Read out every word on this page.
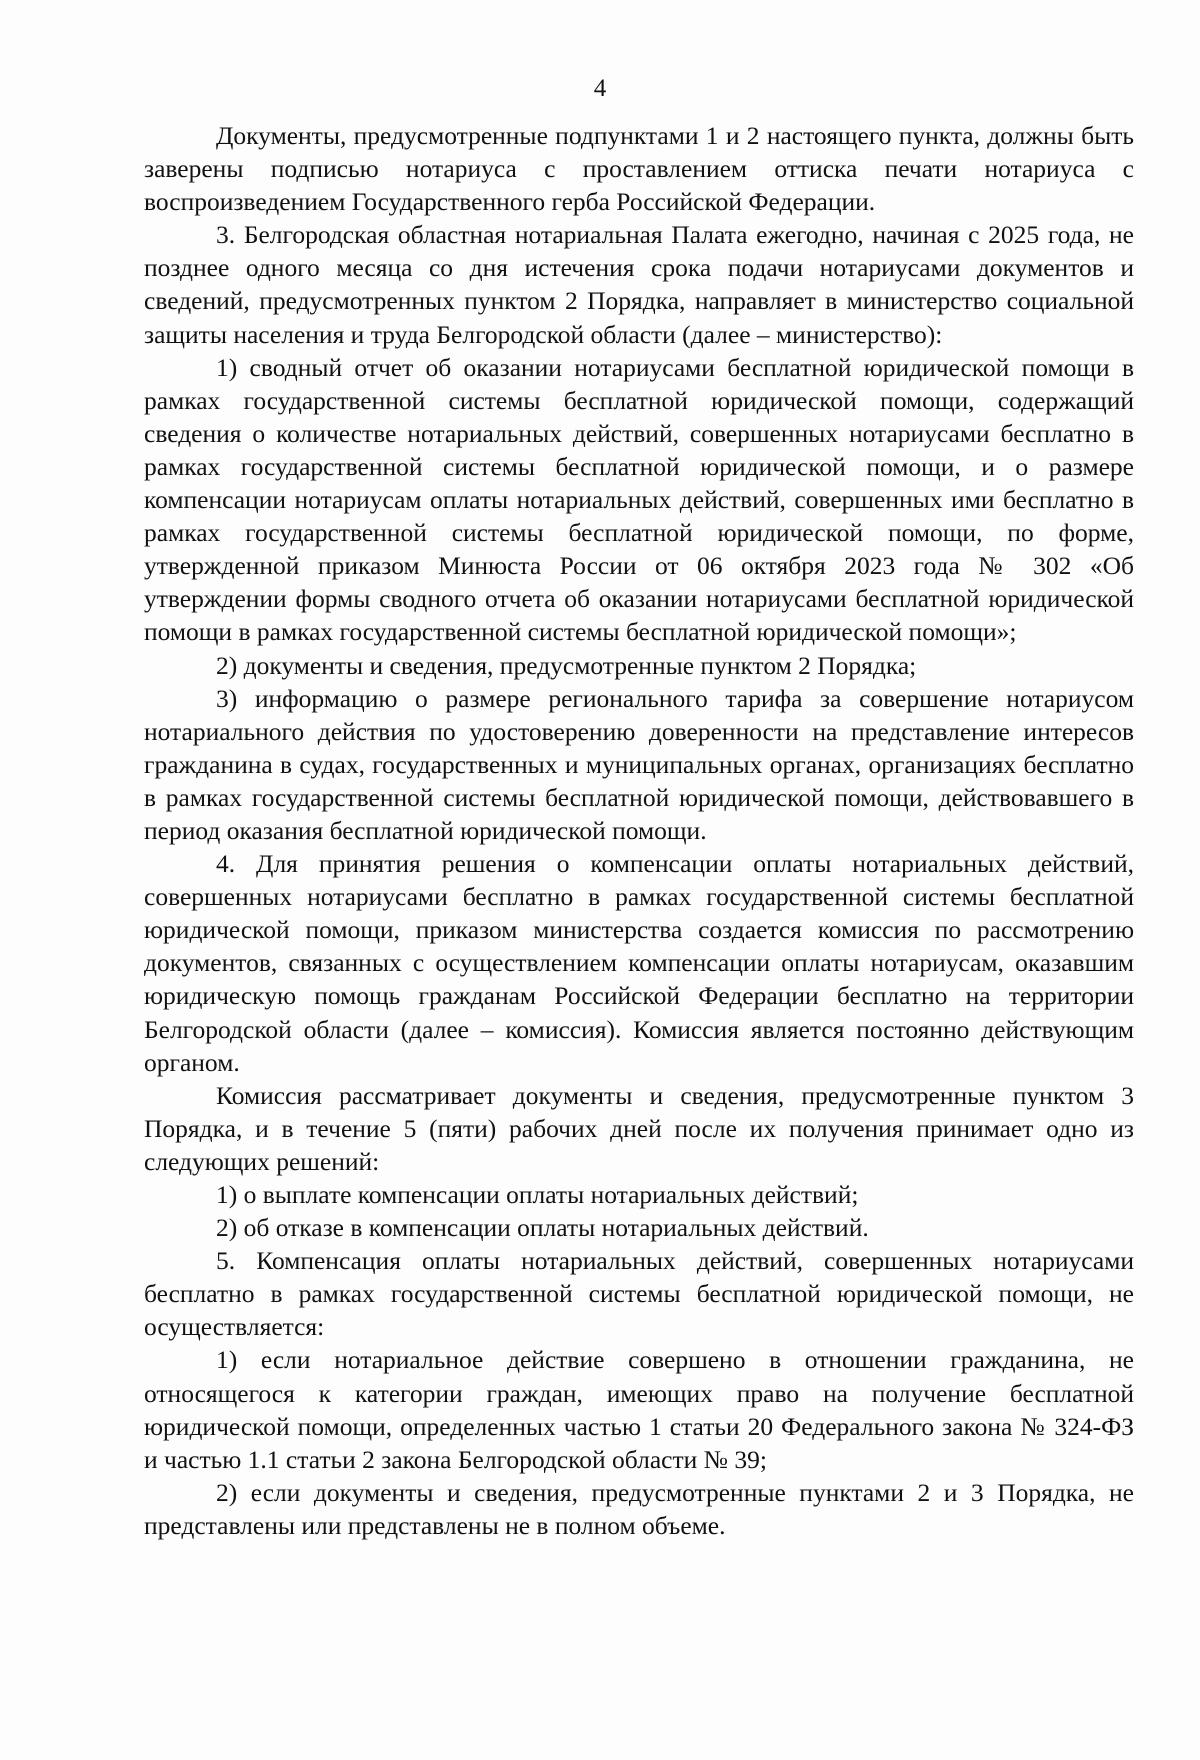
4

Документы, предусмотренные подпунктами 1 и 2 настоящего пункта, должны быть заверены подписью нотариуса с проставлением оттиска печати нотариуса с воспроизведением Государственного герба Российской Федерации.

3. Белгородская областная нотариальная Палата ежегодно, начиная с 2025 года, не позднее одного месяца со дня истечения срока подачи нотариусами документов и сведений, предусмотренных пунктом 2 Порядка, направляет в министерство социальной защиты населения и труда Белгородской области (далее – министерство):

1) сводный отчет об оказании нотариусами бесплатной юридической помощи в рамках государственной системы бесплатной юридической помощи, содержащий сведения о количестве нотариальных действий, совершенных нотариусами бесплатно в рамках государственной системы бесплатной юридической помощи, и о размере компенсации нотариусам оплаты нотариальных действий, совершенных ими бесплатно в рамках государственной системы бесплатной юридической помощи, по форме, утвержденной приказом Минюста России от 06 октября 2023 года № 302 «Об утверждении формы сводного отчета об оказании нотариусами бесплатной юридической помощи в рамках государственной системы бесплатной юридической помощи»;

2) документы и сведения, предусмотренные пунктом 2 Порядка;

3) информацию о размере регионального тарифа за совершение нотариусом нотариального действия по удостоверению доверенности на представление интересов гражданина в судах, государственных и муниципальных органах, организациях бесплатно в рамках государственной системы бесплатной юридической помощи, действовавшего в период оказания бесплатной юридической помощи.

4. Для принятия решения о компенсации оплаты нотариальных действий, совершенных нотариусами бесплатно в рамках государственной системы бесплатной юридической помощи, приказом министерства создается комиссия по рассмотрению документов, связанных с осуществлением компенсации оплаты нотариусам, оказавшим юридическую помощь гражданам Российской Федерации бесплатно на территории Белгородской области (далее – комиссия). Комиссия является постоянно действующим органом.

Комиссия рассматривает документы и сведения, предусмотренные пунктом 3 Порядка, и в течение 5 (пяти) рабочих дней после их получения принимает одно из следующих решений:

1) о выплате компенсации оплаты нотариальных действий;

2) об отказе в компенсации оплаты нотариальных действий.

5. Компенсация оплаты нотариальных действий, совершенных нотариусами бесплатно в рамках государственной системы бесплатной юридической помощи, не осуществляется:

1) если нотариальное действие совершено в отношении гражданина, не относящегося к категории граждан, имеющих право на получение бесплатной юридической помощи, определенных частью 1 статьи 20 Федерального закона № 324-ФЗ и частью 1.1 статьи 2 закона Белгородской области № 39;

2) если документы и сведения, предусмотренные пунктами 2 и 3 Порядка, не представлены или представлены не в полном объеме.
